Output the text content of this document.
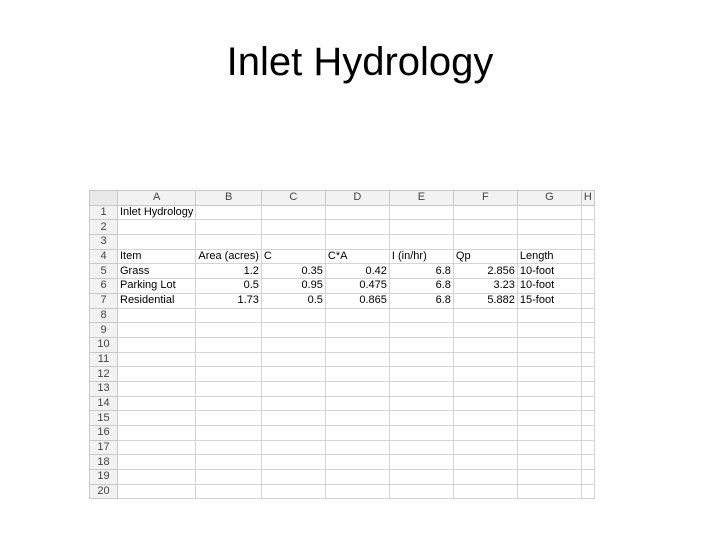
Inlet Hydrology
	A	B	C	D	E	F	G	H
1	Inlet Hydrology							
2								
3								
4	Item	Area (acres)	C	C*A	I (in/hr)	Qp	Length	
5	Grass	1.2	0.35	0.42	6.8	2.856	10-foot	
6	Parking Lot	0.5	0.95	0.475	6.8	3.23	10-foot	
7	Residential	1.73	0.5	0.865	6.8	5.882	15-foot	
8								
9								
10								
11								
12								
13								
14								
15								
16								
17								
18								
19								
20								
